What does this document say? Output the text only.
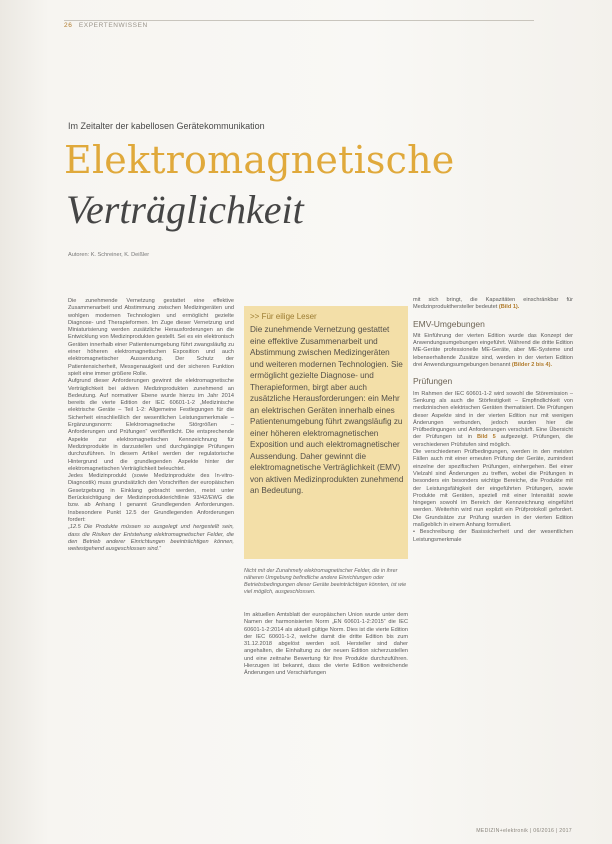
26 EXPERTENWISSEN
Im Zeitalter der kabellosen Gerätekommunikation
Elektromagnetische
Verträglichkeit
Autoren: K. Schreiner, K. Deißler

Die zunehmende Vernetzung gestattet eine effektive Zusammenarbeit und Abstimmung zwischen Medizingeräten und wohlgen modernen Technologien und ermöglicht gezielte Diagnose- und Therapieformen. Im Zuge dieser Vernetzung und Miniaturisierung werden zusätzliche Herausforderungen an die Entwicklung von Medizinprodukten gestellt. Sei es ein elektronisch Geräten innerhalb einer Patientenumgebung führt zwangsläufig zu einer höheren elektromagnetischen Exposition und auch elektromagnetischer Aussendung. Der Schutz der Patientensicherheit, Messgenauigkeit und der sicheren Funktion spielt eine immer größere Rolle.

Aufgrund dieser Anforderungen gewinnt die elektromagnetische Verträglichkeit bei aktiven Medizinprodukten zunehmend an Bedeutung. Auf normativer Ebene wurde hierzu im Jahr 2014 bereits die vierte Edition der IEC 60601-1-2 „Medizinische elektrische Geräte – Teil 1-2: Allgemeine Festlegungen für die Sicherheit einschließlich der wesentlichen Leistungsmerkmale – Ergänzungsnorm: Elektromagnetische Störgrößen – Anforderungen und Prüfungen“ veröffentlicht. Die entsprechende Aspekte zur elektromagnetischen Kennzeichnung für Medizinprodukte in darzustellen und durchgängige Prüfungen durchzuführen. In diesem Artikel werden der regulatorische Hintergrund und die grundlegenden Aspekte hinter der elektromagnetischen Verträglichkeit beleuchtet.

Jedes Medizinprodukt (sowie Medizinprodukte des In-vitro-Diagnostik) muss grundsätzlich den Vorschriften der europäischen Gesetzgebung in Einklang gebracht werden, meist unter Berücksichtigung der Medizinprodukterichtlinie 93/42/EWG die bzw. ab Anhang I genannt Grundlegenden Anforderungen. Insbesondere Punkt 12.5 der Grundlegenden Anforderungen fordert:

„12.5 Die Produkte müssen so ausgelegt und hergestellt sein, dass die Risiken der Entstehung elektromagnetischer Felder, die den Betrieb anderer Einrichtungen beeinträchtigen können, weitestgehend ausgeschlossen sind.“

>> Für eilige Leser
Die zunehmende Vernetzung gestattet eine effektive Zusammenarbeit und Abstimmung zwischen Medizingeräten und weiteren modernen Technologien. Sie ermöglicht gezielte Diagnose- und Therapieformen, birgt aber auch zusätzliche Herausforderungen: ein Mehr an elektrischen Geräten innerhalb eines Patientenumgebung führt zwangsläufig zu einer höheren elektromagnetischen Exposition und auch elektromagnetischer Aussendung. Daher gewinnt die elektromagnetische Verträglichkeit (EMV) von aktiven Medizinprodukten zunehmend an Bedeutung.
Nicht mit der Zunahmefy elektromagnetischer Felder, die in ihrer näheren Umgebung befindliche andere Einrichtungen oder Betriebsbedingungen dieser Geräte beeinträchtigen könnten, ist wie viel möglich, ausgeschlossen.
Im aktuellen Amtsblatt der europäischen Union wurde unter dem Namen der harmonisierten Norm „EN 60601-1-2:2015“ die IEC 60601-1-2:2014 als aktuell gültige Norm. Dies ist die vierte Edition der IEC 60601-1-2, welche damit die dritte Edition bis zum 31.12.2018 abgelöst werden soll. Hersteller sind daher angehalten, die Einhaltung zu der neuen Edition sicherzustellen und eine zeitnahe Bewertung für ihre Produkte durchzuführen. Hierzugen ist bekannt, dass die vierte Edition weitreichende Änderungen und Verschärfungen

mit sich bringt, die Kapazitäten einschränkbar für Medizinprodukthersteller bedeutet (Bild 1).

EMV-Umgebungen

Mit Einführung der vierten Edition wurde das Konzept der Anwendungsumgebungen eingeführt. Während die dritte Edition ME-Geräte professionelle ME-Geräte, aber ME-Systeme und lebenserhaltende Zusätze sind, werden in der vierten Edition drei Anwendungsumgebungen benannt (Bilder 2 bis 4).

Prüfungen

Im Rahmen der IEC 60601-1-2 wird sowohl die Störemission – Senkung als auch die Störfestigkeit – Empfindlichkeit von medizinischen elektrischen Geräten thematisiert. Die Prüfungen dieser Aspekte sind in der vierten Edition nur mit wenigen Änderungen verbunden, jedoch wurden hier die Prüfbedingungen und Anforderungen verschärft. Eine Übersicht der Prüfungen ist in Bild 5 aufgezeigt. Prüfungen, die verschiedenen Prüfstufen sind möglich.

Die verschiedenen Prüfbedingungen, werden in den meisten Fällen auch mit einer erneuten Prüfung der Geräte, zumindest einzelne der spezifischen Prüfungen, einhergehen. Bei einer Vielzahl sind Änderungen zu treffen, wobei die Prüfungen in besonders ein besonders wichtige Bereiche, die Produkte mit der Leistungsfähigkeit der eingeführten Prüfungen, sowie Produkte mit Geräten, speziell mit einer Intensität sowie hingegen sowohl im Bereich der Kennzeichnung eingeführt werden. Weiterhin wird nun explizit ein Prüfprotokoll gefordert. Die Grundsätze zur Prüfung wurden in der vierten Edition maßgeblich in einem Anhang formuliert.

• Beschreibung der Basissicherheit und der wesentlichen Leistungsmerkmale

MEDIZIN+elektronik | 06/2016 | 2017
